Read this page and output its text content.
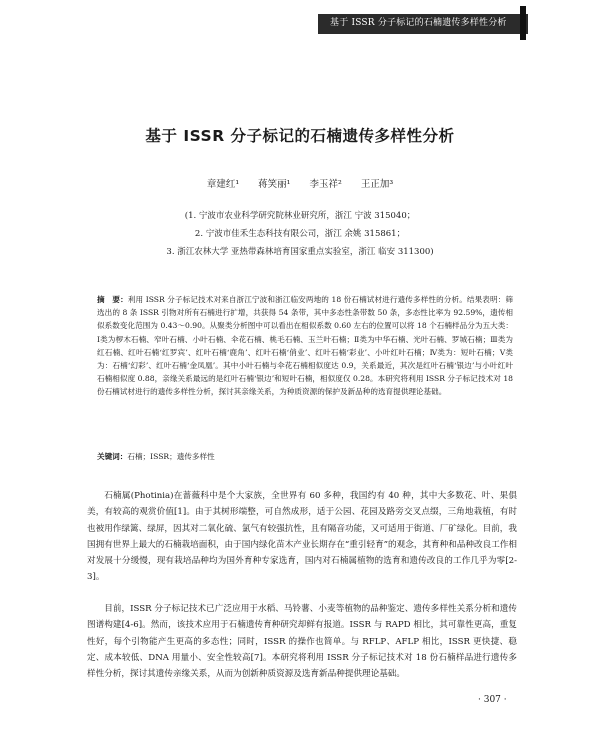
基于 ISSR 分子标记的石楠遗传多样性分析
基于 ISSR 分子标记的石楠遗传多样性分析
章建红¹ 蒋笑丽¹ 李玉祥² 王正加³
(1. 宁波市农业科学研究院林业研究所，浙江 宁波 315040；
2. 宁波市佳禾生态科技有限公司，浙江 余姚 315861；
3. 浙江农林大学 亚热带森林培育国家重点实验室，浙江 临安 311300)
摘　要：利用 ISSR 分子标记技术对来自浙江宁波和浙江临安两地的 18 份石楠试材进行遗传多样性的分析。结果表明：筛选出的 8 条 ISSR 引物对所有石楠进行扩增，共获得 54 条带，其中多态性条带数 50 条，多态性比率为 92.59%，遗传相似系数变化范围为 0.43～0.90。从聚类分析图中可以看出在相似系数 0.60 左右的位置可以将 18 个石楠样品分为五大类：Ⅰ类为椤木石楠、窄叶石楠、小叶石楠、伞花石楠、桃毛石楠、玉兰叶石楠；Ⅱ类为中华石楠、光叶石楠、罗城石楠；Ⅲ类为红石楠、红叶石楠‘红罗宾’、红叶石楠‘鹿角’、红叶石楠‘俏业’、红叶石楠‘彩业’、小叶红叶石楠；Ⅳ类为：短叶石楠；Ⅴ类为：石楠‘幻彩’、红叶石楠‘金凤凰’。其中小叶石楠与伞花石楠相似度达 0.9，关系最近，其次是红叶石楠‘银边’与小叶红叶石楠相似度 0.88，亲缘关系最远的是红叶石楠‘银边’和短叶石楠，相似度仅 0.28。本研究将利用 ISSR 分子标记技术对 18 份石楠试材进行的遗传多样性分析，探讨其亲缘关系，为种质资源的保护及新品种的选育提供理论基础。
关键词：石楠；ISSR；遗传多样性
石楠属(Photinia)在蔷薇科中是个大家族，全世界有 60 多种，我国约有 40 种，其中大多数花、叶、果俱美，有较高的观赏价值[1]。由于其树形端整，可自然成形，适于公园、花园及路旁交叉点缀，三角地栽植，有时也被用作绿篱、绿屏，因其对二氧化硫、氯气有较强抗性，且有隔音功能，又可适用于街道、厂矿绿化。目前，我国拥有世界上最大的石楠栽培面积，由于国内绿化苗木产业长期存在“重引轻育”的观念，其育种和品种改良工作相对发展十分缓慢，现有栽培品种均为国外育种专家选育，国内对石楠属植物的选育和遗传改良的工作几乎为零[2-3]。
目前，ISSR 分子标记技术已广泛应用于水稻、马铃薯、小麦等植物的品种鉴定、遗传多样性关系分析和遗传图谱构建[4-6]。然而，该技术应用于石楠遗传育种研究却鲜有报道。ISSR 与 RAPD 相比，其可靠性更高，重复性好，每个引物能产生更高的多态性；同时，ISSR 的操作也简单。与 RFLP、AFLP 相比，ISSR 更快捷、稳定、成本较低、DNA 用量小、安全性较高[7]。本研究将利用 ISSR 分子标记技术对 18 份石楠样品进行遗传多样性分析，探讨其遗传亲缘关系，从而为创新种质资源及选育新品种提供理论基础。
· 307 ·
